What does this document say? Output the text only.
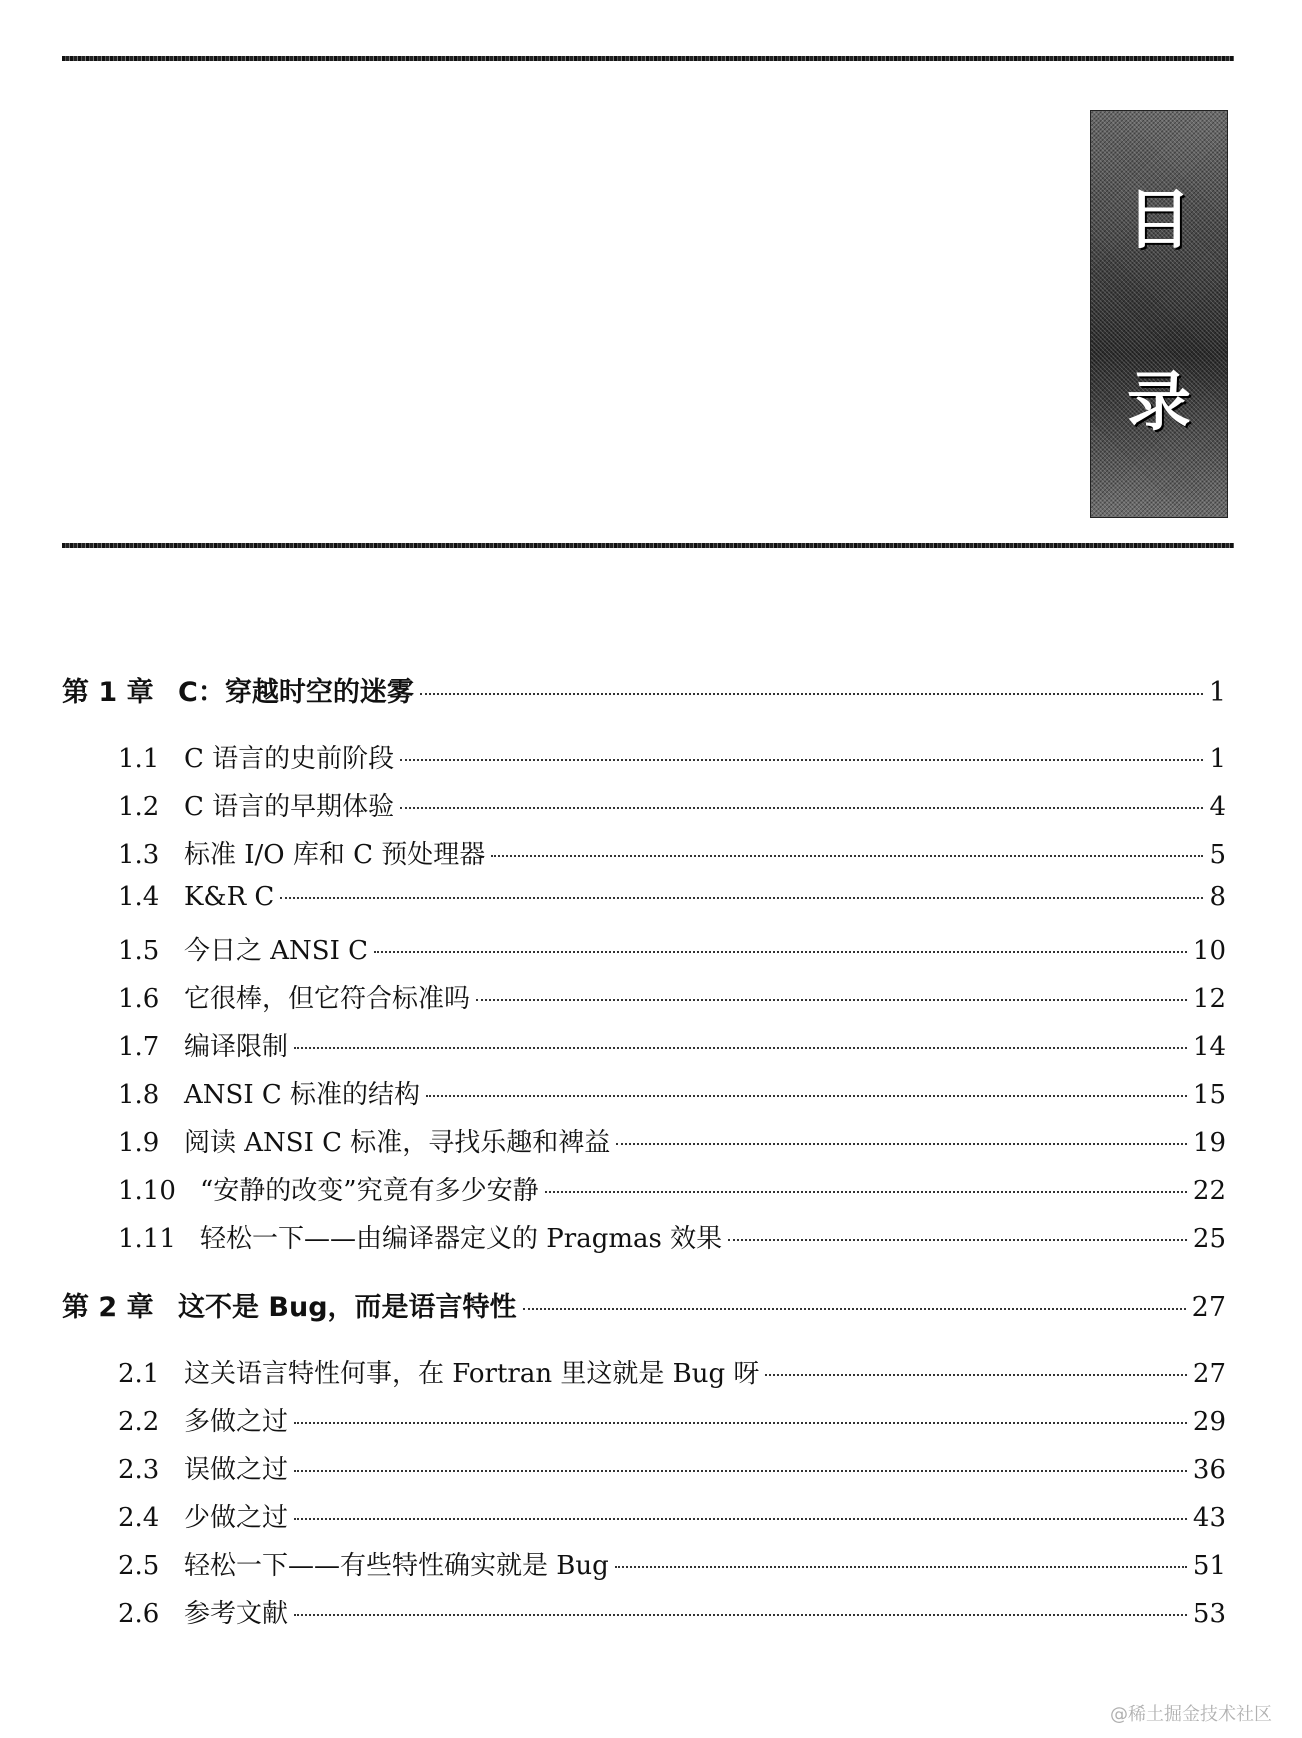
目
录
第 1 章 C：穿越时空的迷雾	1
1.1 C 语言的史前阶段	1
1.2 C 语言的早期体验	4
1.3 标准 I/O 库和 C 预处理器	5
1.4 K&R C	8
1.5 今日之 ANSI C	10
1.6 它很棒，但它符合标准吗	12
1.7 编译限制	14
1.8 ANSI C 标准的结构	15
1.9 阅读 ANSI C 标准，寻找乐趣和裨益	19
1.10 “安静的改变”究竟有多少安静	22
1.11 轻松一下——由编译器定义的 Pragmas 效果	25
第 2 章 这不是 Bug，而是语言特性	27
2.1 这关语言特性何事，在 Fortran 里这就是 Bug 呀	27
2.2 多做之过	29
2.3 误做之过	36
2.4 少做之过	43
2.5 轻松一下——有些特性确实就是 Bug	51
2.6 参考文献	53
@稀土掘金技术社区
